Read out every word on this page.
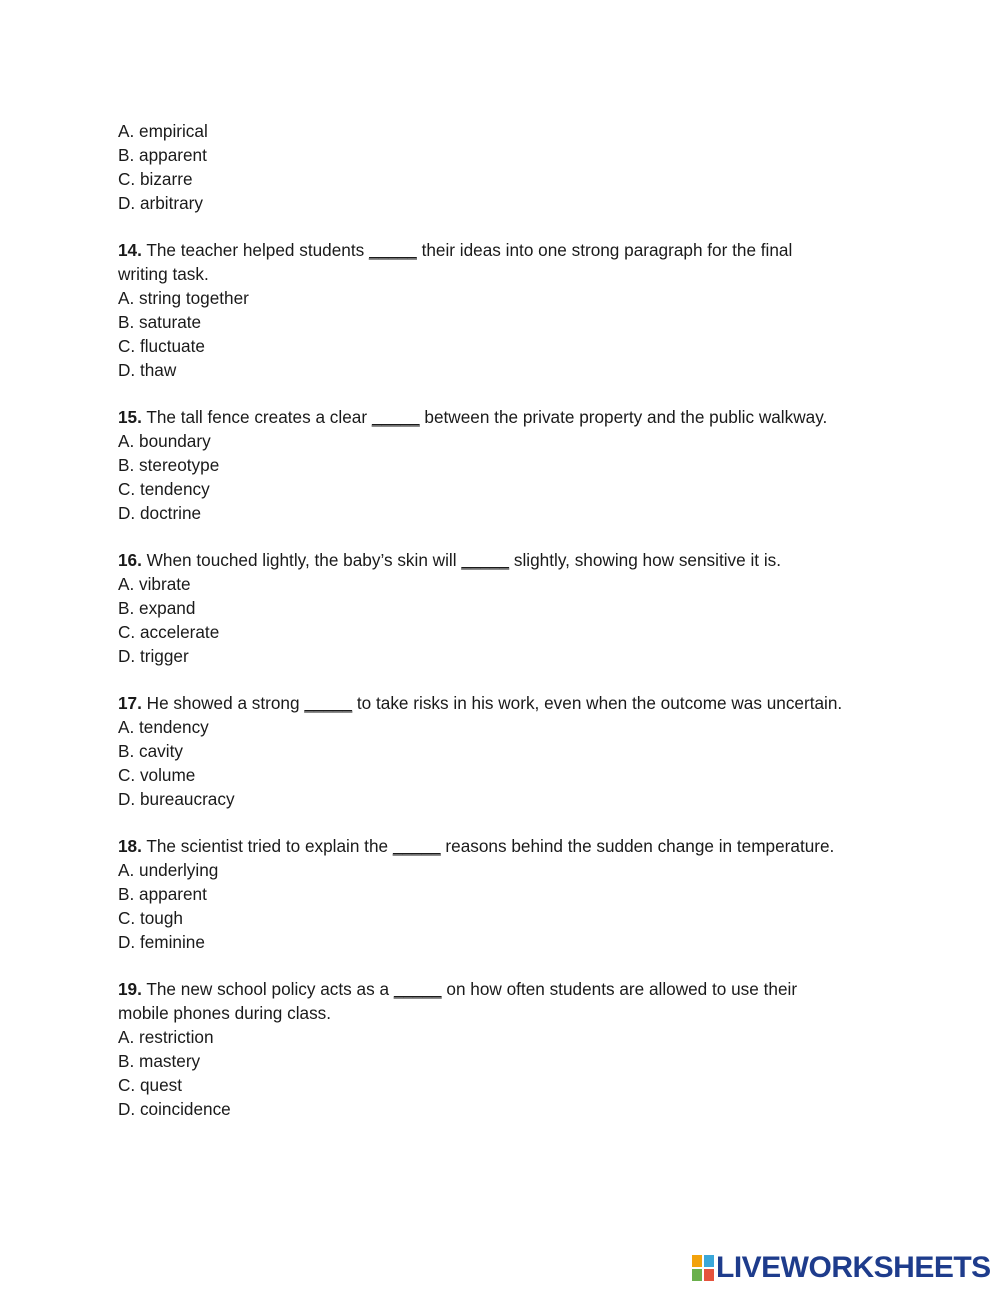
A. empirical
B. apparent
C. bizarre
D. arbitrary

14. The teacher helped students _____ their ideas into one strong paragraph for the final writing task.

A. string together
B. saturate
C. fluctuate
D. thaw

15. The tall fence creates a clear _____ between the private property and the public walkway.

A. boundary
B. stereotype
C. tendency
D. doctrine

16. When touched lightly, the baby’s skin will _____ slightly, showing how sensitive it is.

A. vibrate
B. expand
C. accelerate
D. trigger

17. He showed a strong _____ to take risks in his work, even when the outcome was uncertain.

A. tendency
B. cavity
C. volume
D. bureaucracy

18. The scientist tried to explain the _____ reasons behind the sudden change in temperature.

A. underlying
B. apparent
C. tough
D. feminine

19. The new school policy acts as a _____ on how often students are allowed to use their mobile phones during class.

A. restriction
B. mastery
C. quest
D. coincidence
LIVEWORKSHEETS
